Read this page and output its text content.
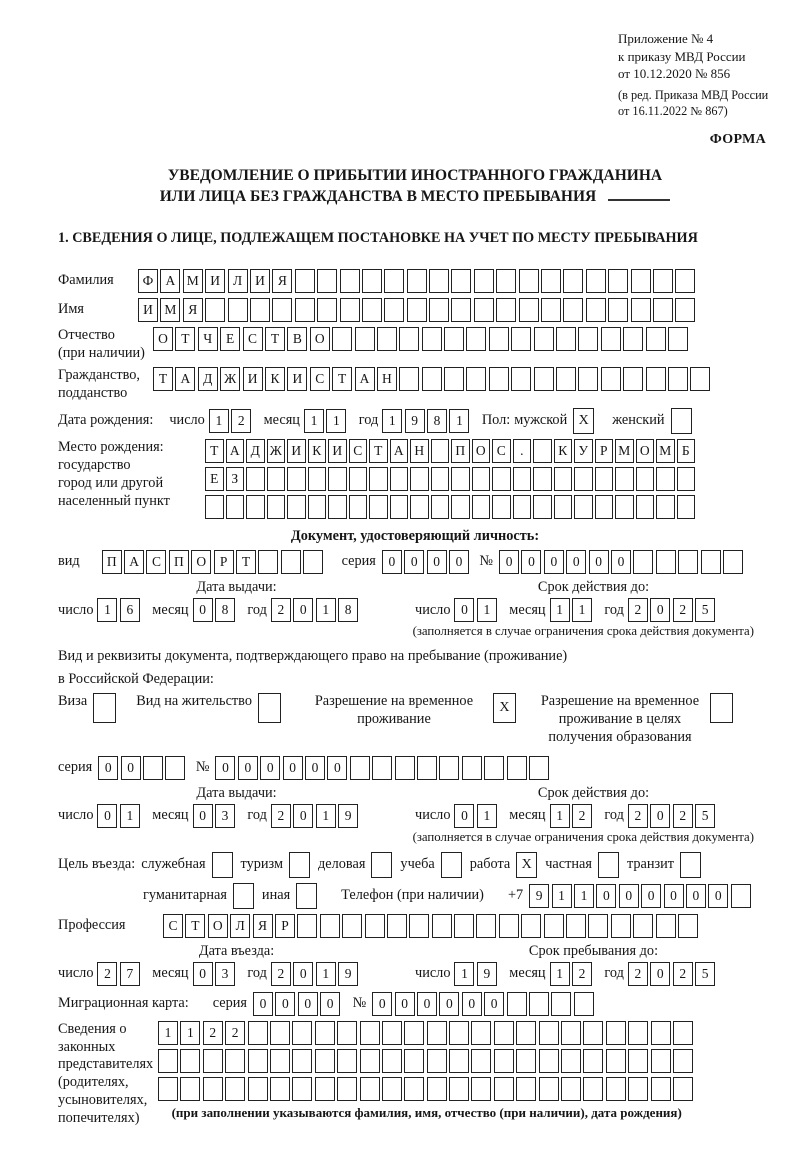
Приложение № 4
к приказу МВД России
от 10.12.2020 № 856
(в ред. Приказа МВД России
от 16.11.2022 № 867)
ФОРМА
УВЕДОМЛЕНИЕ О ПРИБЫТИИ ИНОСТРАННОГО ГРАЖДАНИНА
ИЛИ ЛИЦА БЕЗ ГРАЖДАНСТВА В МЕСТО ПРЕБЫВАНИЯ
1. СВЕДЕНИЯ О ЛИЦЕ, ПОДЛЕЖАЩЕМ ПОСТАНОВКЕ НА УЧЕТ ПО МЕСТУ ПРЕБЫВАНИЯ
Фамилия	Ф А М И Л И Я
Имя	И М Я
Отчество
(при наличии)
О Т	Ч	Е	С	Т	В О
Гражданство,
подданство
Т А Д Ж И К И С	Т А Н
Дата рождения: число 1	2	месяц 1	1	год 1	9	8	1	Пол: мужской X	женский
Место рождения:
государство
город или другой
населенный пункт
Т А Д Ж И К И С Т А Н	П О С	.	К У Р М О М Б
Е З
Документ, удостоверяющий личность:
вид	П А С П О	Р	Т	серия 0	0	0	0	№ 0	0	0	0	0	0
Дата выдачи:
число 1	6	месяц 0	8	год 2	0	1	8
Срок действия до:
число 0	1	месяц 1	1	год 2	0	2	5
(заполняется в случае ограничения срока действия документа)
Вид и реквизиты документа, подтверждающего право на пребывание (проживание)
в Российской Федерации:
Виза	Вид на жительство	Разрешение на временное проживание
X	Разрешение на временное проживание в целях получения образования
серия 0	0	№ 0	0	0	0	0	0
Дата выдачи:
число 0	1	месяц 0	3	год 2	0	1	9
Срок действия до:
число 0	1	месяц 1	2	год 2	0	2	5
(заполняется в случае ограничения срока действия документа)
Цель въезда: служебная туризм деловая учеба работа X частная транзит
гуманитарная иная	Телефон (при наличии) +7 9	1	1	0	0	0	0	0	0
Профессия	С	Т О Л Я	Р
Дата въезда:
число 2	7	месяц 0	3	год 2	0	1	9
Срок пребывания до:
число 1	9	месяц 1	2	год 2	0	2	5
Миграционная карта: серия 0	0	0	0	№ 0	0	0	0	0	0
Сведения о
законных
представителях
(родителях,
усыновителях,
попечителях)
1	1	2	2
(при заполнении указываются фамилия, имя, отчество (при наличии), дата рождения)
